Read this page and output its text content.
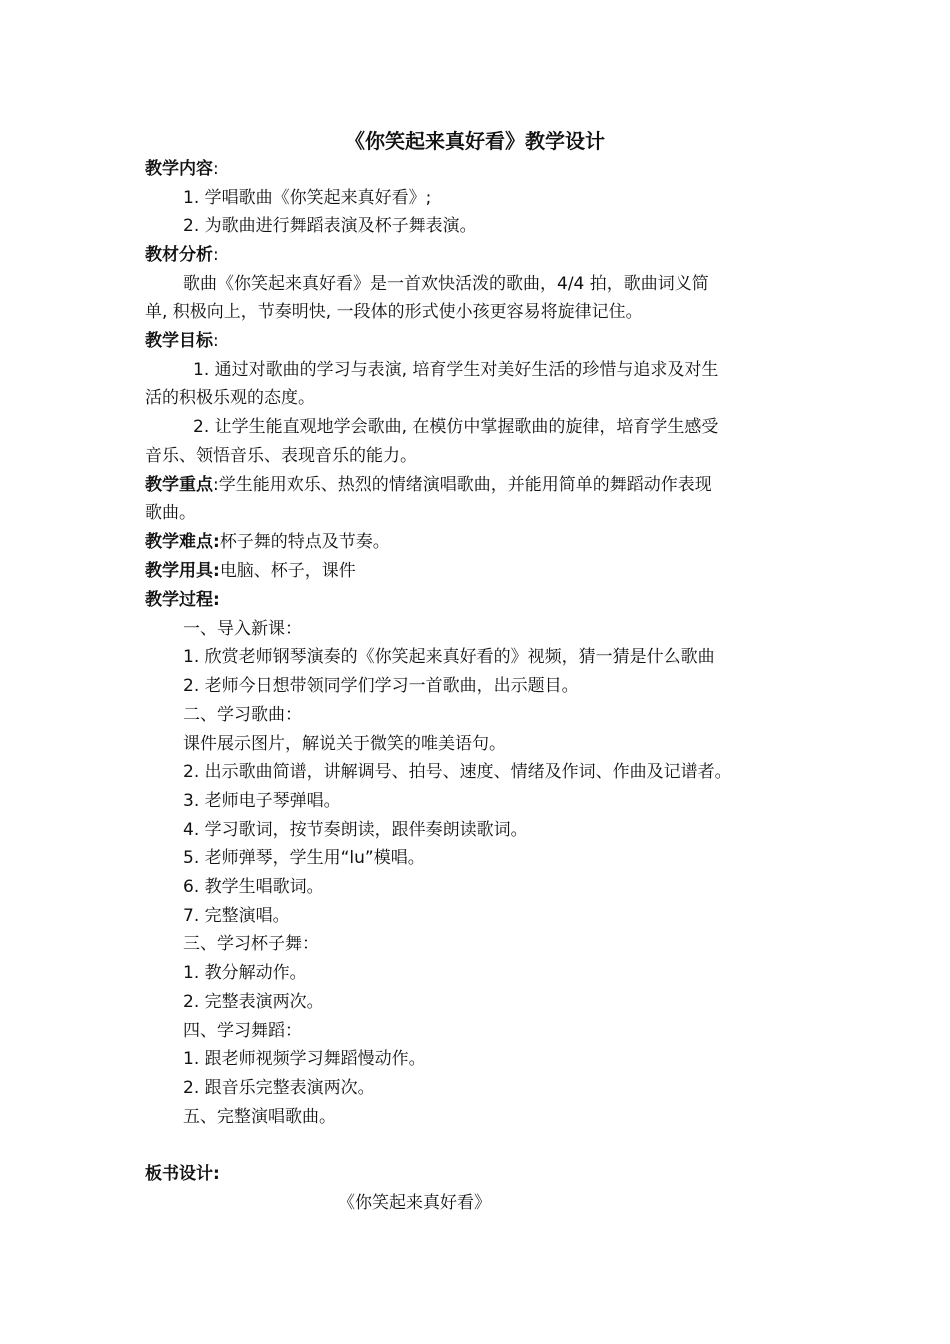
《你笑起来真好看》教学设计
教学内容:
1. 学唱歌曲《你笑起来真好看》;
2. 为歌曲进行舞蹈表演及杯子舞表演。
教材分析:
歌曲《你笑起来真好看》是一首欢快活泼的歌曲，4/4 拍，歌曲词义简
单, 积极向上，节奏明快, 一段体的形式使小孩更容易将旋律记住。
教学目标:
1. 通过对歌曲的学习与表演, 培育学生对美好生活的珍惜与追求及对生
活的积极乐观的态度。
2. 让学生能直观地学会歌曲, 在模仿中掌握歌曲的旋律，培育学生感受
音乐、领悟音乐、表现音乐的能力。
教学重点:学生能用欢乐、热烈的情绪演唱歌曲，并能用简单的舞蹈动作表现
歌曲。
教学难点:杯子舞的特点及节奏。
教学用具:电脑、杯子，课件
教学过程:
一、导入新课：
1. 欣赏老师钢琴演奏的《你笑起来真好看的》视频，猜一猜是什么歌曲
2. 老师今日想带领同学们学习一首歌曲，出示题目。
二、学习歌曲：
课件展示图片，解说关于微笑的唯美语句。
2. 出示歌曲简谱，讲解调号、拍号、速度、情绪及作词、作曲及记谱者。
3. 老师电子琴弹唱。
4. 学习歌词，按节奏朗读，跟伴奏朗读歌词。
5. 老师弹琴，学生用“lu”模唱。
6. 教学生唱歌词。
7. 完整演唱。
三、学习杯子舞：
1. 教分解动作。
2. 完整表演两次。
四、学习舞蹈：
1. 跟老师视频学习舞蹈慢动作。
2. 跟音乐完整表演两次。
五、完整演唱歌曲。
板书设计:
《你笑起来真好看》
